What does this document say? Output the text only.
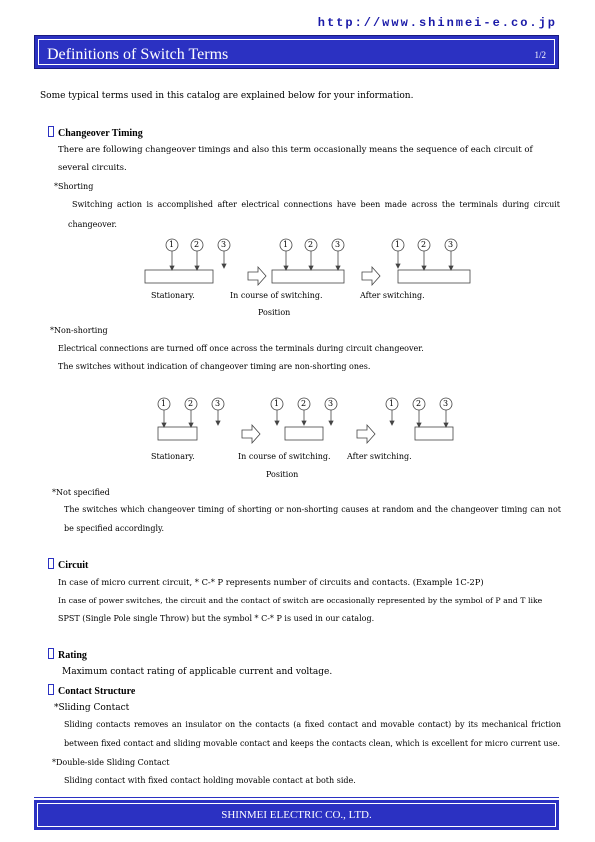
http://www.shinmei-e.co.jp
Definitions of Switch Terms	1/2
Some typical terms used in this catalog are explained below for your information.
Changeover Timing
There are following changeover timings and also this term occasionally means the sequence of each circuit of
several circuits.
*Shorting
Switching action is accomplished after electrical connections have been made across the terminals during circuit changeover.
1 2	3	1 2	3	1	2	3
Stationary.	In course of switching.	After switching.
Position
*Non-shorting
Electrical connections are turned off once across the terminals during circuit changeover.
The switches without indication of changeover timing are non-shorting ones.
1	2	3	1	2	3	1	2	3
Stationary.	In course of switching. After switching.
Position
*Not specified
The switches which changeover timing of shorting or non-shorting causes at random and the changeover timing can not be specified accordingly.
Circuit
In case of micro current circuit, * C-* P represents number of circuits and contacts. (Example 1C-2P)
In case of power switches, the circuit and the contact of switch are occasionally represented by the symbol of P and T like
SPST (Single Pole single Throw) but the symbol * C-* P is used in our catalog.
Rating
Maximum contact rating of applicable current and voltage.
Contact Structure
*Sliding Contact
Sliding contacts removes an insulator on the contacts (a fixed contact and movable contact) by its mechanical friction between fixed contact and sliding movable contact and keeps the contacts clean, which is excellent for micro current use.
*Double-side Sliding Contact
Sliding contact with fixed contact holding movable contact at both side.
SHINMEI ELECTRIC CO., LTD.
